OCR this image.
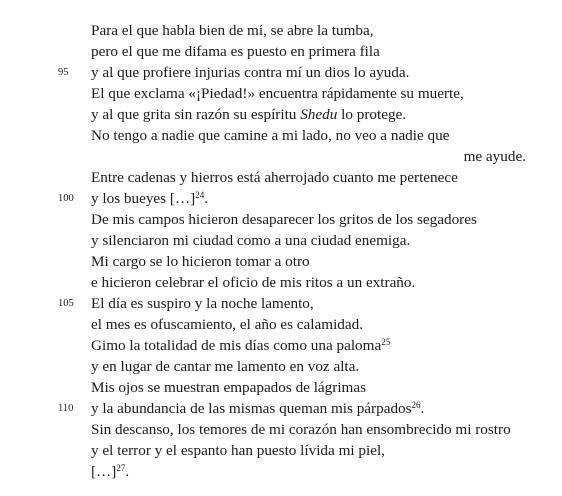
Para el que habla bien de mí, se abre la tumba,
pero el que me difama es puesto en primera fila
95	y al que profiere injurias contra mí un dios lo ayuda.
El que exclama «¡Piedad!» encuentra rápidamente su muerte,
y al que grita sin razón su espíritu Shedu lo protege.
No tengo a nadie que camine a mi lado, no veo a nadie que
me ayude.
Entre cadenas y hierros está aherrojado cuanto me pertenece
100	y los bueyes […]$^{24}$.
De mis campos hicieron desaparecer los gritos de los segadores
y silenciaron mi ciudad como a una ciudad enemiga.
Mi cargo se lo hicieron tomar a otro
e hicieron celebrar el oficio de mis ritos a un extraño.
105	El día es suspiro y la noche lamento,
el mes es ofuscamiento, el año es calamidad.
Gimo la totalidad de mis días como una paloma$^{25}$
y en lugar de cantar me lamento en voz alta.
Mis ojos se muestran empapados de lágrimas
110	y la abundancia de las mismas queman mis párpados$^{26}$.
Sin descanso, los temores de mi corazón han ensombrecido mi rostro
y el terror y el espanto han puesto lívida mi piel,
[…]$^{27}$.
